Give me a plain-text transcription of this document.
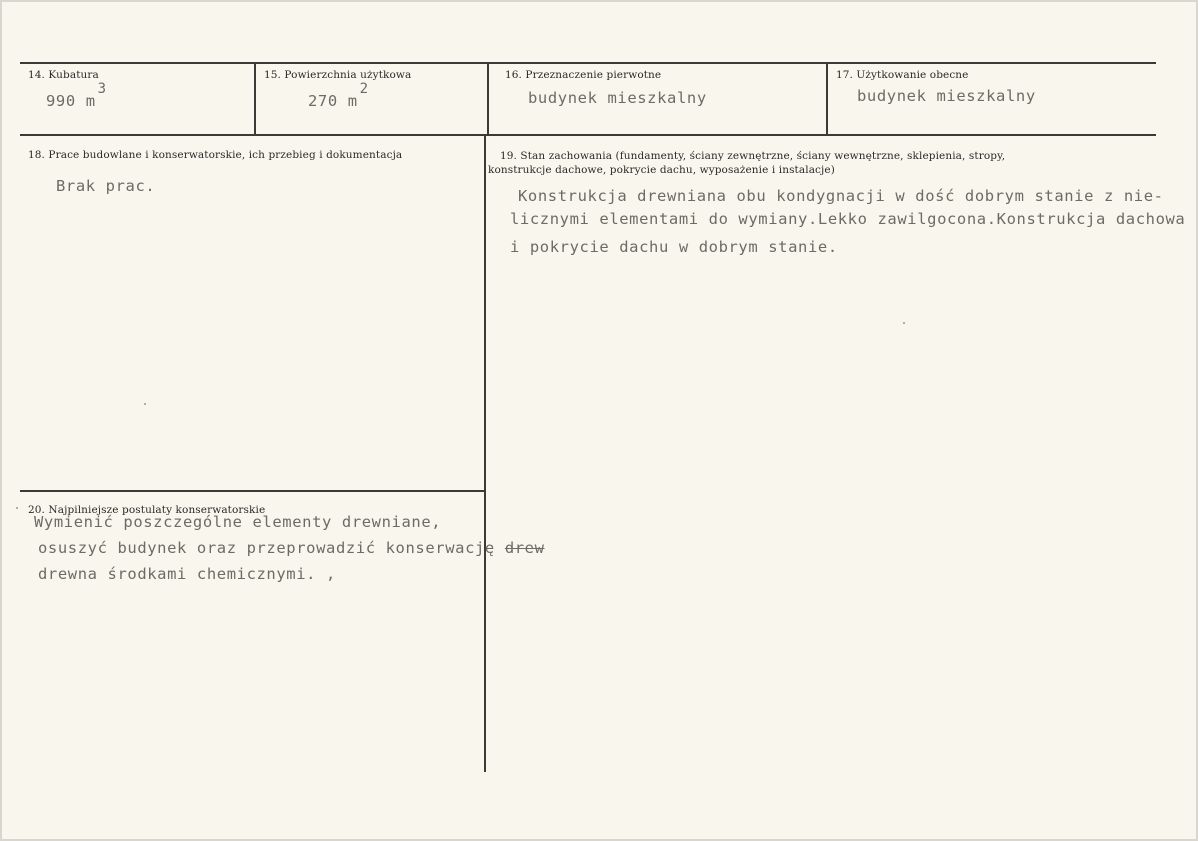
14. Kubatura
990 m3
15. Powierzchnia użytkowa
270 m2
16. Przeznaczenie pierwotne
budynek mieszkalny
17. Użytkowanie obecne
budynek mieszkalny
18. Prace budowlane i konserwatorskie, ich przebieg i dokumentacja
Brak prac.
19. Stan zachowania (fundamenty, ściany zewnętrzne, ściany wewnętrzne, sklepienia, stropy,
konstrukcje dachowe, pokrycie dachu, wyposażenie i instalacje)
Konstrukcja drewniana obu kondygnacji w dość dobrym stanie z nie-
licznymi elementami do wymiany.Lekko zawilgocona.Konstrukcja dachowa
i pokrycie dachu w dobrym stanie.
20. Najpilniejsze postulaty konserwatorskie
Wymienić poszczególne elementy drewniane,
osuszyć budynek oraz przeprowadzić konserwację drew
drewna środkami chemicznymi. ,
